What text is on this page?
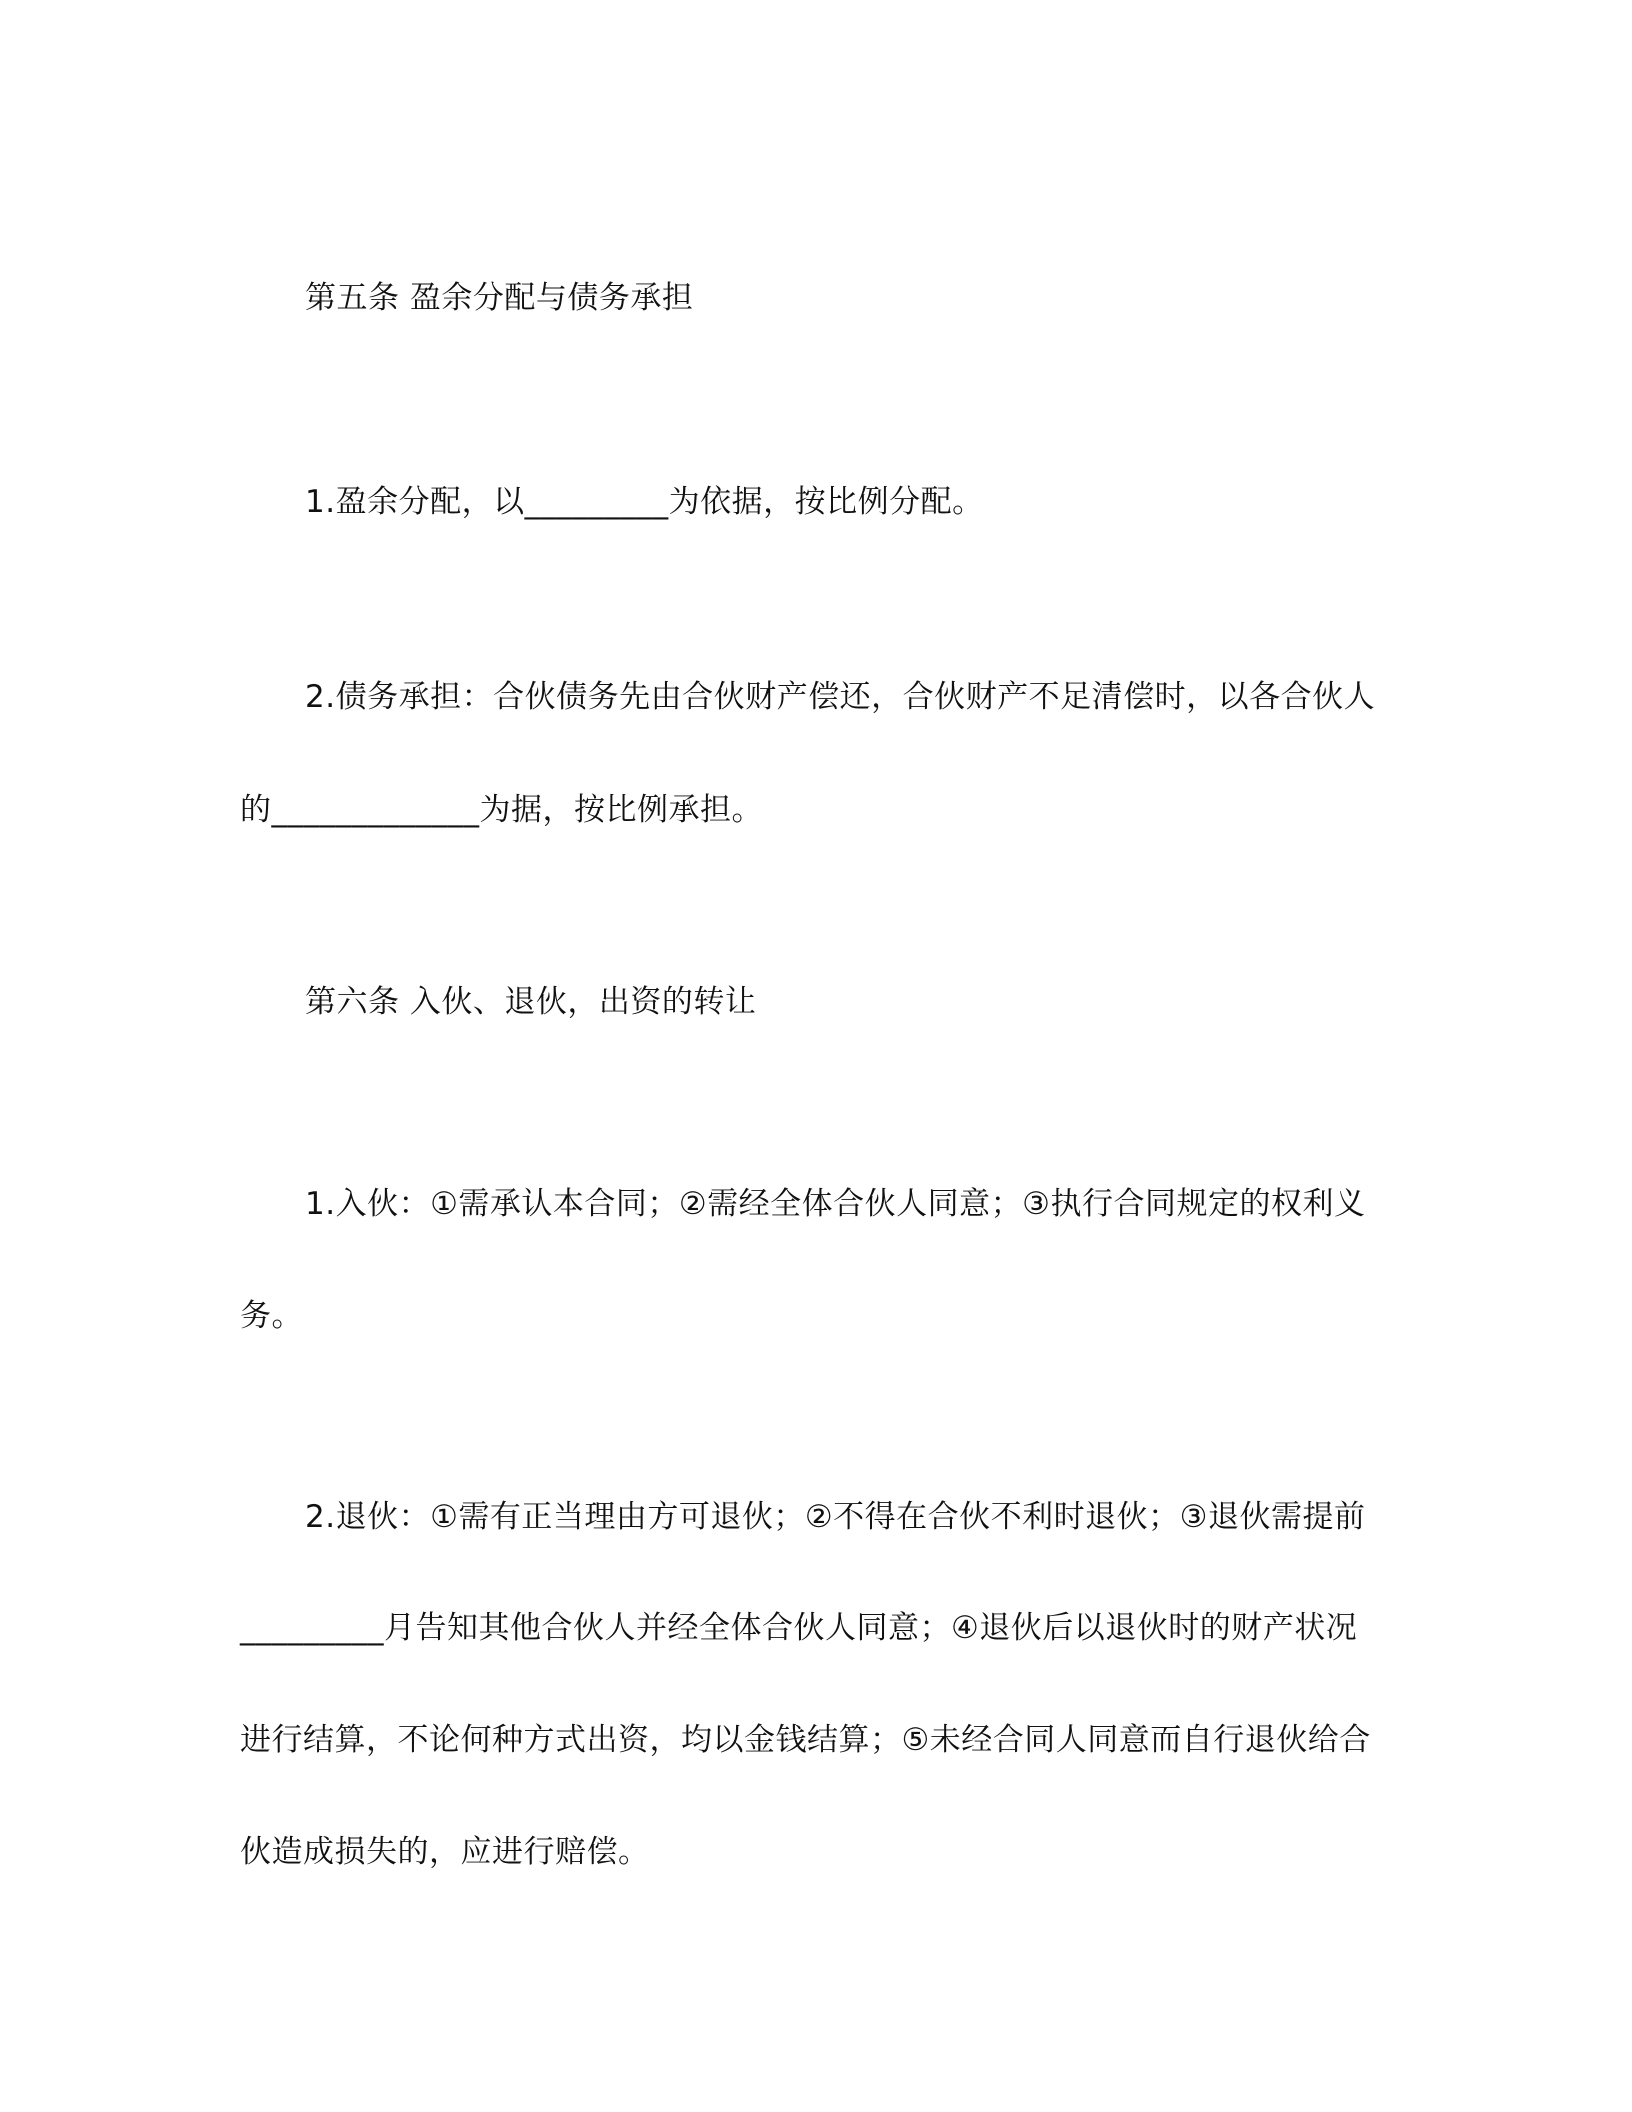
第五条 盈余分配与债务承担
1.盈余分配，以_________为依据，按比例分配。
2.债务承担：合伙债务先由合伙财产偿还，合伙财产不足清偿时，以各合伙人
的_____________为据，按比例承担。
第六条 入伙、退伙，出资的转让
1.入伙：①需承认本合同；②需经全体合伙人同意；③执行合同规定的权利义
务。
2.退伙：①需有正当理由方可退伙；②不得在合伙不利时退伙；③退伙需提前
_________月告知其他合伙人并经全体合伙人同意；④退伙后以退伙时的财产状况
进行结算，不论何种方式出资，均以金钱结算；⑤未经合同人同意而自行退伙给合
伙造成损失的，应进行赔偿。
